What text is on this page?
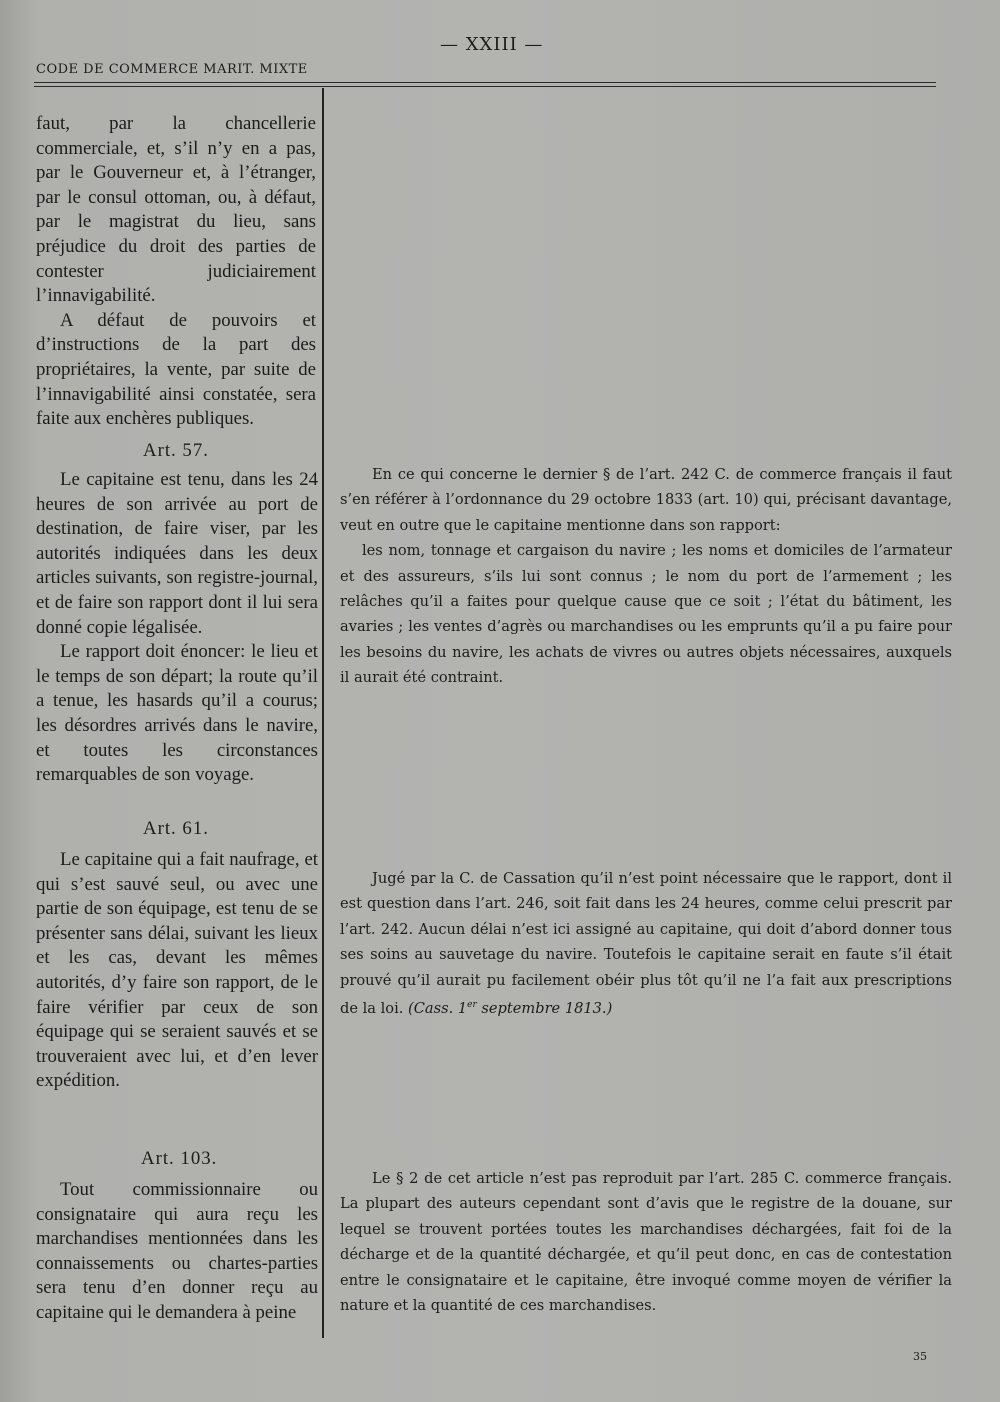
CODE DE COMMERCE MARIT. MIXTE
— XXIII —

faut, par la chancellerie commerciale, et, s’il n’y en a pas, par le Gouverneur et, à l’étranger, par le consul ottoman, ou, à défaut, par le magistrat du lieu, sans préjudice du droit des parties de contester judiciairement l’innavigabilité.

A défaut de pouvoirs et d’instructions de la part des propriétaires, la vente, par suite de l’innavigabilité ainsi constatée, sera faite aux enchères publiques.

Art. 57.

Le capitaine est tenu, dans les 24 heures de son arrivée au port de destination, de faire viser, par les autorités indiquées dans les deux articles suivants, son registre-journal, et de faire son rapport dont il lui sera donné copie légalisée.

Le rapport doit énoncer: le lieu et le temps de son départ; la route qu’il a tenue, les hasards qu’il a courus; les désordres arrivés dans le navire, et toutes les circonstances remarquables de son voyage.

Art. 61.

Le capitaine qui a fait naufrage, et qui s’est sauvé seul, ou avec une partie de son équipage, est tenu de se présenter sans délai, suivant les lieux et les cas, devant les mêmes autorités, d’y faire son rapport, de le faire vérifier par ceux de son équipage qui se seraient sauvés et se trouveraient avec lui, et d’en lever expédition.

Art. 103.

Tout commissionnaire ou consignataire qui aura reçu les marchandises mentionnées dans les connaissements ou chartes-parties sera tenu d’en donner reçu au capitaine qui le demandera à peine

En ce qui concerne le dernier § de l’art. 242 C. de commerce français il faut s’en référer à l’ordonnance du 29 octobre 1833 (art. 10) qui, précisant davantage, veut en outre que le capitaine mentionne dans son rapport:

les nom, tonnage et cargaison du navire ; les noms et domiciles de l’armateur et des assureurs, s’ils lui sont connus ; le nom du port de l’armement ; les relâches qu’il a faites pour quelque cause que ce soit ; l’état du bâtiment, les avaries ; les ventes d’agrès ou marchandises ou les emprunts qu’il a pu faire pour les besoins du navire, les achats de vivres ou autres objets nécessaires, auxquels il aurait été contraint.

Jugé par la C. de Cassation qu’il n’est point nécessaire que le rapport, dont il est question dans l’art. 246, soit fait dans les 24 heures, comme celui prescrit par l’art. 242. Aucun délai n’est ici assigné au capitaine, qui doit d’abord donner tous ses soins au sauvetage du navire. Toutefois le capitaine serait en faute s’il était prouvé qu’il aurait pu facilement obéir plus tôt qu’il ne l’a fait aux prescriptions de la loi. (Cass. 1er septembre 1813.)

Le § 2 de cet article n’est pas reproduit par l’art. 285 C. commerce français. La plupart des auteurs cependant sont d’avis que le registre de la douane, sur lequel se trouvent portées toutes les marchandises déchargées, fait foi de la décharge et de la quantité déchargée, et qu’il peut donc, en cas de contestation entre le consignataire et le capitaine, être invoqué comme moyen de vérifier la nature et la quantité de ces marchandises.

35
